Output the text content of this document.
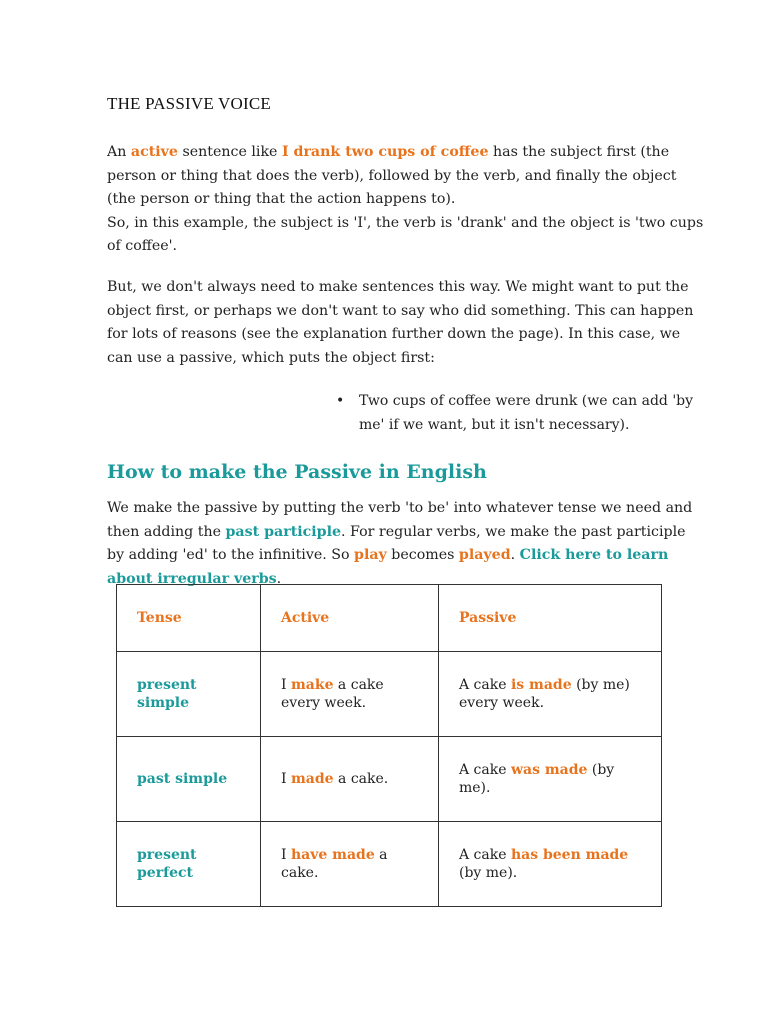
THE PASSIVE VOICE
An active sentence like I drank two cups of coffee has the subject first (the person or thing that does the verb), followed by the verb, and finally the object (the person or thing that the action happens to).
So, in this example, the subject is 'I', the verb is 'drank' and the object is 'two cups of coffee'.
But, we don't always need to make sentences this way. We might want to put the object first, or perhaps we don't want to say who did something. This can happen for lots of reasons (see the explanation further down the page). In this case, we can use a passive, which puts the object first:
• Two cups of coffee were drunk (we can add 'by me' if we want, but it isn't necessary).
How to make the Passive in English
We make the passive by putting the verb 'to be' into whatever tense we need and then adding the past participle. For regular verbs, we make the past participle by adding 'ed' to the infinitive. So play becomes played. Click here to learn about irregular verbs.
Tense	Active	Passive
present simple	I make a cake every week.	A cake is made (by me) every week.
past simple	I made a cake.	A cake was made (by me).
present perfect	I have made a cake.	A cake has been made (by me).
